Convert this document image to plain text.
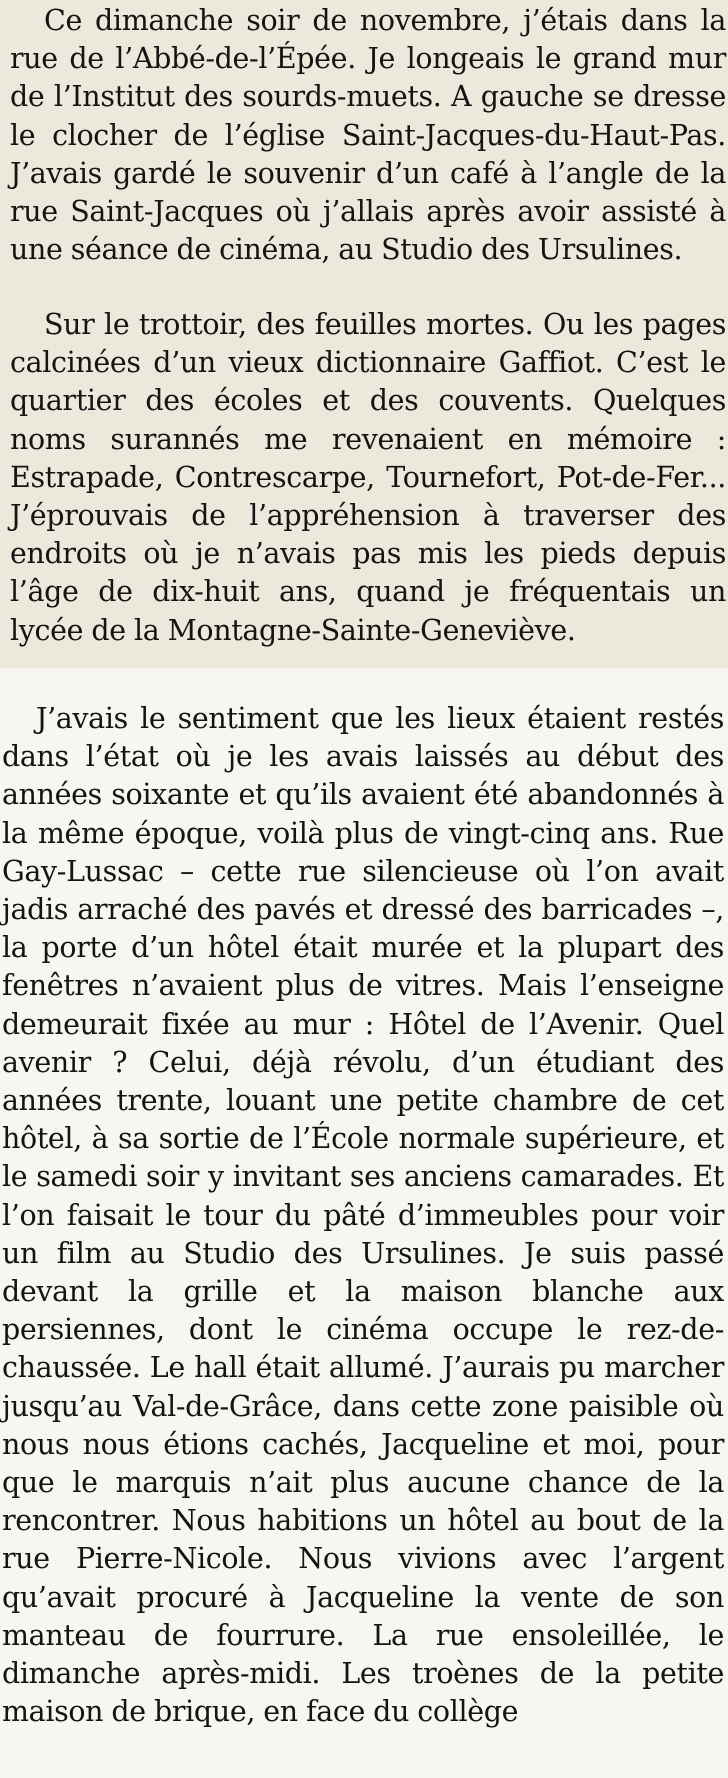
Ce dimanche soir de novembre, j’étais dans la rue de l’Abbé-de-l’Épée. Je longeais le grand mur de l’Institut des sourds-muets. A gauche se dresse le clocher de l’église Saint-Jacques-du-Haut-Pas. J’avais gardé le souvenir d’un café à l’angle de la rue Saint-Jacques où j’allais après avoir assisté à une séance de cinéma, au Studio des Ursulines.

Sur le trottoir, des feuilles mortes. Ou les pages calcinées d’un vieux dictionnaire Gaffiot. C’est le quartier des écoles et des couvents. Quelques noms surannés me revenaient en mémoire : Estrapade, Contrescarpe, Tournefort, Pot-de-Fer... J’éprouvais de l’appréhension à traverser des endroits où je n’avais pas mis les pieds depuis l’âge de dix-huit ans, quand je fréquentais un lycée de la Montagne-Sainte-Geneviève.

J’avais le sentiment que les lieux étaient restés dans l’état où je les avais laissés au début des années soixante et qu’ils avaient été abandonnés à la même époque, voilà plus de vingt-cinq ans. Rue Gay-Lussac – cette rue silencieuse où l’on avait jadis arraché des pavés et dressé des barricades –, la porte d’un hôtel était murée et la plupart des fenêtres n’avaient plus de vitres. Mais l’enseigne demeurait fixée au mur : Hôtel de l’Avenir. Quel avenir ? Celui, déjà révolu, d’un étudiant des années trente, louant une petite chambre de cet hôtel, à sa sortie de l’École normale supérieure, et le samedi soir y invitant ses anciens camarades. Et l’on faisait le tour du pâté d’immeubles pour voir un film au Studio des Ursulines. Je suis passé devant la grille et la maison blanche aux persiennes, dont le cinéma occupe le rez-de-chaussée. Le hall était allumé. J’aurais pu marcher jusqu’au Val-de-Grâce, dans cette zone paisible où nous nous étions cachés, Jacqueline et moi, pour que le marquis n’ait plus aucune chance de la rencontrer. Nous habitions un hôtel au bout de la rue Pierre-Nicole. Nous vivions avec l’argent qu’avait procuré à Jacqueline la vente de son manteau de fourrure. La rue ensoleillée, le dimanche après-midi. Les troènes de la petite maison de brique, en face du collège
